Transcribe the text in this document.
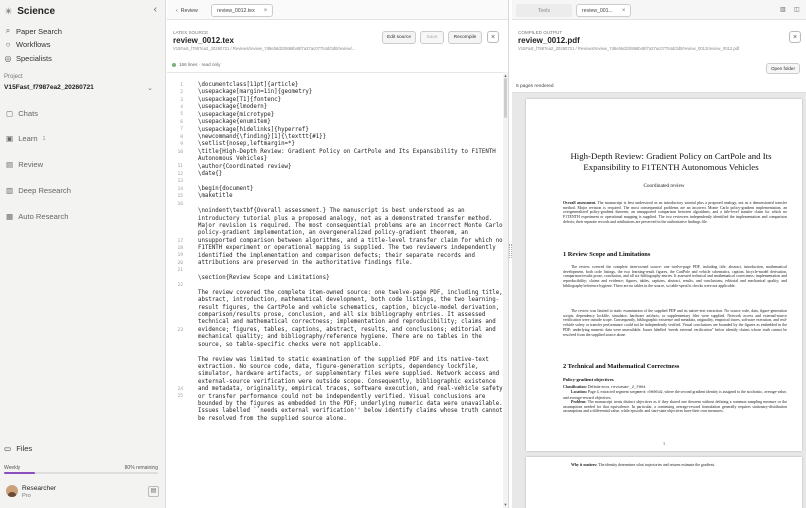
✴ Science	‹
⌕ Paper Search
○ Workflows
◎ Specialists
Project
V15Fast_f7987ea2_20260721	⌄
▢ Chats
▣ Learn 1
▤ Review
▥ Deep Research
▦ Auto Research
▭ Files
Weekly	80% remaining
Researcher
Pro
▤
‹ Review	review_0012.tex ×
LATEX SOURCE
review_0012.tex
V15Fast_f7987ea2_20260721 / Reviews/review_7d6eb6d2/0866b46f7a37ac07754d/3d0/review/...
Edit source	Save	Recompile	×
166 lines · read only
1	\documentclass[11pt]{article}
2	\usepackage[margin=1in]{geometry}
3	\usepackage[T1]{fontenc}
4	\usepackage{lmodern}
5	\usepackage{microtype}
6	\usepackage{enumitem}
7	\usepackage[hidelinks]{hyperref}
8	\newcommand{\finding}[1]{\texttt{#1}}
9	\setlist{nosep,leftmargin=*}
10	\title{High-Depth Review: Gradient Policy on CartPole and Its Expansibility to F1TENTH
Autonomous Vehicles}
11	\author{Coordinated review}
12	\date{}
13
14	\begin{document}
15	\maketitle
16
\noindent\textbf{Overall assessment.} The manuscript is best understood as an
introductory tutorial plus a proposed analogy, not as a demonstrated transfer method.
Major revision is required. The most consequential problems are an incorrect Monte Carlo
policy-gradient implementation, an overgeneralized policy-gradient theorem, an
17	unsupported comparison between algorithms, and a title-level transfer claim for which no
18	F1TENTH experiment or operational mapping is supplied. The two reviewers independently
19	identified the implementation and comparison defects; their separate records and
20	attributions are preserved in the authoritative findings file.
21
\section{Review Scope and Limitations}
22
The review covered the complete item-owned source: one twelve-page PDF, including title,
abstract, introduction, mathematical development, both code listings, the two learning-
result figures, the CartPole and vehicle schematics, caption, bicycle-model derivation,
comparison/results prose, conclusion, and all six bibliography entries. It assessed
technical and mathematical correctness; implementation and reproducibility; claims and
23	evidence; figures, tables, captions, abstract, results, and conclusions; editorial and
mechanical quality; and bibliography/reference hygiene. There are no tables in the
source, so table-specific checks were not applicable.
The review was limited to static examination of the supplied PDF and its native-text
extraction. No source code, data, figure-generation scripts, dependency lockfile,
simulator, hardware artifacts, or supplementary files were supplied. Network access and
external-source verification were outside scope. Consequently, bibliographic existence
24	and metadata, originality, empirical traces, software execution, and real-vehicle safety
25	or transfer performance could not be independently verified. Visual conclusions are
bounded by the figures as embedded in the PDF; underlying numeric data were unavailable.
Issues labelled ``needs external verification'' below identify claims whose truth cannot
be resolved from the supplied source alone.
▲
▼
Tools	review_001... ×	▥ ◫
COMPILED OUTPUT
review_0012.pdf
V15Fast_f7987ea2_20260721 / Reviews/review_7d6eb6d2/0866b46f7a37ac07754d/3d0/review_0012/review_0012.pdf
×
Open folder
5 pages rendered
High-Depth Review: Gradient Policy on CartPole and Its Expansibility to F1TENTH Autonomous Vehicles
Coordinated review
Overall assessment. The manuscript is best understood as an introductory tutorial plus a proposed analogy, not as a demonstrated transfer method. Major revision is required. The most consequential problems are an incorrect Monte Carlo policy-gradient implementation, an overgeneralized policy-gradient theorem, an unsupported comparison between algorithms, and a title-level transfer claim for which no F1TENTH experiment or operational mapping is supplied. The two reviewers independently identified the implementation and comparison defects; their separate records and attributions are preserved in the authoritative findings file.
1 Review Scope and Limitations
The review covered the complete item-owned source: one twelve-page PDF, including title, abstract, introduction, mathematical development, both code listings, the two learning-result figures, the CartPole and vehicle schematics, caption, bicycle-model derivation, comparison/results prose, conclusion, and all six bibliography entries. It assessed technical and mathematical correctness; implementation and reproducibility; claims and evidence; figures, tables, captions, abstract, results, and conclusions; editorial and mechanical quality; and bibliography/reference hygiene. There are no tables in the source, so table-specific checks were not applicable.
The review was limited to static examination of the supplied PDF and its native-text extraction. No source code, data, figure-generation scripts, dependency lockfile, simulator, hardware artifacts, or supplementary files were supplied. Network access and external-source verification were outside scope. Consequently, bibliographic existence and metadata, originality, empirical traces, software execution, and real-vehicle safety or transfer performance could not be independently verified. Visual conclusions are bounded by the figures as embedded in the PDF; underlying numeric data were unavailable. Issues labelled “needs external verification” below identify claims whose truth cannot be resolved from the supplied source alone.
2 Technical and Mathematical Correctness
Policy-gradient objectives
Classification: Definite error. reviewer_2_F001
Location: Page 4, extracted segment segment:000019, where the second gradient identity is assigned to the stochastic, average-value, and average-reward objectives.
Problem: The manuscript treats distinct objectives as if they shared one theorem without defining a common sampling measure or the assumptions needed for that equivalence. In particular, a continuing average-reward formulation generally requires stationary-distribution assumptions and a differential value, while episodic and start-state objectives have their own measures.
1
Why it matters: The identity determines what trajectories and returns estimate the gradient.
